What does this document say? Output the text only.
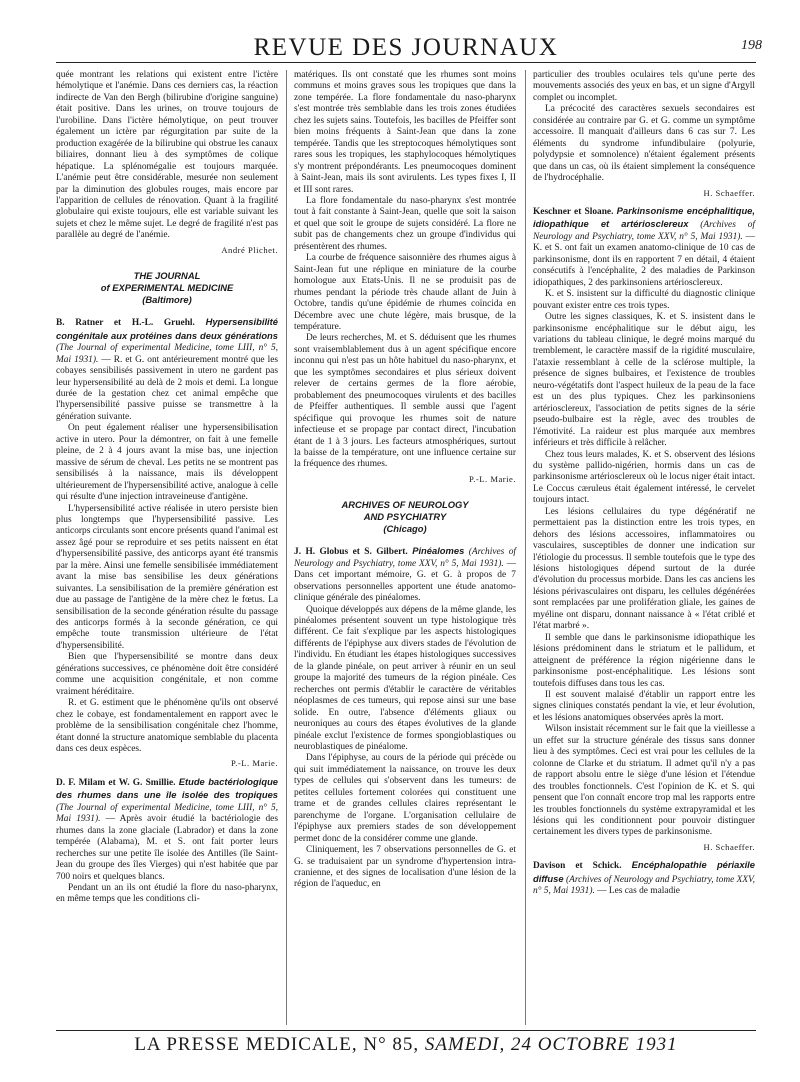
REVUE DES JOURNAUX	198

quée montrant les relations qui existent entre l'ictère hémolytique et l'anémie. Dans ces derniers cas, la réaction indirecte de Van den Bergh (bilirubine d'origine sanguine) était positive. Dans les urines, on trouve toujours de l'urobiline. Dans l'ictère hémolytique, on peut trouver également un ictère par régurgitation par suite de la production exagérée de la bilirubine qui obstrue les canaux biliaires, donnant lieu à des symptômes de colique hépatique. La splénomégalie est toujours marquée. L'anémie peut être considérable, mesurée non seulement par la diminution des globules rouges, mais encore par l'apparition de cellules de rénovation. Quant à la fragilité globulaire qui existe toujours, elle est variable suivant les sujets et chez le même sujet. Le degré de fragilité n'est pas parallèle au degré de l'anémie.

André Plichet.

THE JOURNAL
of EXPERIMENTAL MEDICINE
(Baltimore)

B. Ratner et H.-L. Gruehl. Hypersensibilité congénitale aux protéines dans deux générations (The Journal of experimental Medicine, tome LIII, n° 5, Mai 1931). — R. et G. ont antérieurement montré que les cobayes sensibilisés passivement in utero ne gardent pas leur hypersensibilité au delà de 2 mois et demi. La longue durée de la gestation chez cet animal empêche que l'hypersensibilité passive puisse se transmettre à la génération suivante.

On peut également réaliser une hypersensibilisation active in utero. Pour la démontrer, on fait à une femelle pleine, de 2 à 4 jours avant la mise bas, une injection massive de sérum de cheval. Les petits ne se montrent pas sensibilisés à la naissance, mais ils développent ultérieurement de l'hypersensibilité active, analogue à celle qui résulte d'une injection intraveineuse d'antigène.

L'hypersensibilité active réalisée in utero persiste bien plus longtemps que l'hypersensibilité passive. Les anticorps circulants sont encore présents quand l'animal est assez âgé pour se reproduire et ses petits naissent en état d'hypersensibilité passive, des anticorps ayant été transmis par la mère. Ainsi une femelle sensibilisée immédiatement avant la mise bas sensibilise les deux générations suivantes. La sensibilisation de la première génération est due au passage de l'antigène de la mère chez le fœtus. La sensibilisation de la seconde génération résulte du passage des anticorps formés à la seconde génération, ce qui empêche toute transmission ultérieure de l'état d'hypersensibilité.

Bien que l'hypersensibilité se montre dans deux générations successives, ce phénomène doit être considéré comme une acquisition congénitale, et non comme vraiment héréditaire.

R. et G. estiment que le phénomène qu'ils ont observé chez le cobaye, est fondamentalement en rapport avec le problème de la sensibilisation congénitale chez l'homme, étant donné la structure anatomique semblable du placenta dans ces deux espèces.

P.-L. Marie.

D. F. Milam et W. G. Smillie. Etude bactériologique des rhumes dans une île isolée des tropiques (The Journal of experimental Medicine, tome LIII, n° 5, Mai 1931). — Après avoir étudié la bactériologie des rhumes dans la zone glaciale (Labrador) et dans la zone tempérée (Alabama), M. et S. ont fait porter leurs recherches sur une petite île isolée des Antilles (île Saint-Jean du groupe des îles Vierges) qui n'est habitée que par 700 noirs et quelques blancs.

Pendant un an ils ont étudié la flore du naso-pharynx, en même temps que les conditions cli-

matériques. Ils ont constaté que les rhumes sont moins communs et moins graves sous les tropiques que dans la zone tempérée. La flore fondamentale du naso-pharynx s'est montrée très semblable dans les trois zones étudiées chez les sujets sains. Toutefois, les bacilles de Pfeiffer sont bien moins fréquents à Saint-Jean que dans la zone tempérée. Tandis que les streptocoques hémolytiques sont rares sous les tropiques, les staphylocoques hémolytiques s'y montrent prépondérants. Les pneumocoques dominent à Saint-Jean, mais ils sont avirulents. Les types fixes I, II et III sont rares.

La flore fondamentale du naso-pharynx s'est montrée tout à fait constante à Saint-Jean, quelle que soit la saison et quel que soit le groupe de sujets considéré. La flore ne subit pas de changements chez un groupe d'individus qui présentèrent des rhumes.

La courbe de fréquence saisonnière des rhumes aigus à Saint-Jean fut une réplique en miniature de la courbe homologue aux Etats-Unis. Il ne se produisit pas de rhumes pendant la période très chaude allant de Juin à Octobre, tandis qu'une épidémie de rhumes coïncida en Décembre avec une chute légère, mais brusque, de la température.

De leurs recherches, M. et S. déduisent que les rhumes sont vraisemblablement dus à un agent spécifique encore inconnu qui n'est pas un hôte habituel du naso-pharynx, et que les symptômes secondaires et plus sérieux doivent relever de certains germes de la flore aérobie, probablement des pneumocoques virulents et des bacilles de Pfeiffer authentiques. Il semble aussi que l'agent spécifique qui provoque les rhumes soit de nature infectieuse et se propage par contact direct, l'incubation étant de 1 à 3 jours. Les facteurs atmosphériques, surtout la baisse de la température, ont une influence certaine sur la fréquence des rhumes.

P.-L. Marie.

ARCHIVES OF NEUROLOGY
AND PSYCHIATRY
(Chicago)

J. H. Globus et S. Gilbert. Pinéalomes (Archives of Neurology and Psychiatry, tome XXV, n° 5, Mai 1931). — Dans cet important mémoire, G. et G. à propos de 7 observations personnelles apportent une étude anatomo-clinique générale des pinéalomes.

Quoique développés aux dépens de la même glande, les pinéalomes présentent souvent un type histologique très différent. Ce fait s'explique par les aspects histologiques différents de l'épiphyse aux divers stades de l'évolution de l'individu. En étudiant les étapes histologiques successives de la glande pinéale, on peut arriver à réunir en un seul groupe la majorité des tumeurs de la région pinéale. Ces recherches ont permis d'établir le caractère de véritables néoplasmes de ces tumeurs, qui repose ainsi sur une base solide. En outre, l'absence d'éléments gliaux ou neuroniques au cours des étapes évolutives de la glande pinéale exclut l'existence de formes spongioblastiques ou neuroblastiques de pinéalome.

Dans l'épiphyse, au cours de la période qui précède ou qui suit immédiatement la naissance, on trouve les deux types de cellules qui s'observent dans les tumeurs: de petites cellules fortement colorées qui constituent une trame et de grandes cellules claires représentant le parenchyme de l'organe. L'organisation cellulaire de l'épiphyse aux premiers stades de son développement permet donc de la considérer comme une glande.

Cliniquement, les 7 observations personnelles de G. et G. se traduisaient par un syndrome d'hypertension intra-cranienne, et des signes de localisation d'une lésion de la région de l'aqueduc, en

particulier des troubles oculaires tels qu'une perte des mouvements associés des yeux en bas, et un signe d'Argyll complet ou incomplet.

La précocité des caractères sexuels secondaires est considérée au contraire par G. et G. comme un symptôme accessoire. Il manquait d'ailleurs dans 6 cas sur 7. Les éléments du syndrome infundibulaire (polyurie, polydypsie et somnolence) n'étaient également présents que dans un cas, où ils étaient simplement la conséquence de l'hydrocéphalie.

H. Schaeffer.

Keschner et Sloane. Parkinsonisme encéphalitique, idiopathique et artériosclereux (Archives of Neurology and Psychiatry, tome XXV, n° 5, Mai 1931). — K. et S. ont fait un examen anatomo-clinique de 10 cas de parkinsonisme, dont ils en rapportent 7 en détail, 4 étaient consécutifs à l'encéphalite, 2 des maladies de Parkinson idiopathiques, 2 des parkinsoniens artériosclereux.

K. et S. insistent sur la difficulté du diagnostic clinique pouvant exister entre ces trois types.

Outre les signes classiques, K. et S. insistent dans le parkinsonisme encéphalitique sur le début aigu, les variations du tableau clinique, le degré moins marqué du tremblement, le caractère massif de la rigidité musculaire, l'ataxie ressemblant à celle de la sclérose multiple, la présence de signes bulbaires, et l'existence de troubles neuro-végétatifs dont l'aspect huileux de la peau de la face est un des plus typiques. Chez les parkinsoniens artériosclereux, l'association de petits signes de la série pseudo-bulbaire est la règle, avec des troubles de l'émotivité. La raideur est plus marquée aux membres inférieurs et très difficile à relâcher.

Chez tous leurs malades, K. et S. observent des lésions du système pallido-nigérien, hormis dans un cas de parkinsonisme artériosclereux où le locus niger était intact. Le Coccus cæruleus était également intéressé, le cervelet toujours intact.

Les lésions cellulaires du type dégénératif ne permettaient pas la distinction entre les trois types, en dehors des lésions accessoires, inflammatoires ou vasculaires, susceptibles de donner une indication sur l'étiologie du processus. Il semble toutefois que le type des lésions histologiques dépend surtout de la durée d'évolution du processus morbide. Dans les cas anciens les lésions périvasculaires ont disparu, les cellules dégénérées sont remplacées par une prolifération gliale, les gaines de myéline ont disparu, donnant naissance à « l'état criblé et l'état marbré ».

Il semble que dans le parkinsonisme idiopathique les lésions prédominent dans le striatum et le pallidum, et atteignent de préférence la région nigérienne dans le parkinsonisme post-encéphalitique. Les lésions sont toutefois diffuses dans tous les cas.

Il est souvent malaisé d'établir un rapport entre les signes cliniques constatés pendant la vie, et leur évolution, et les lésions anatomiques observées après la mort.

Wilson insistait récemment sur le fait que la vieillesse a un effet sur la structure générale des tissus sans donner lieu à des symptômes. Ceci est vrai pour les cellules de la colonne de Clarke et du striatum. Il admet qu'il n'y a pas de rapport absolu entre le siège d'une lésion et l'étendue des troubles fonctionnels. C'est l'opinion de K. et S. qui pensent que l'on connaît encore trop mal les rapports entre les troubles fonctionnels du système extrapyramidal et les lésions qui les conditionnent pour pouvoir distinguer certainement les divers types de parkinsonisme.

H. Schaeffer.

Davison et Schick. Encéphalopathie périaxile diffuse (Archives of Neurology and Psychiatry, tome XXV, n° 5, Mai 1931). — Les cas de maladie

LA PRESSE MEDICALE, N° 85, SAMEDI, 24 OCTOBRE 1931
